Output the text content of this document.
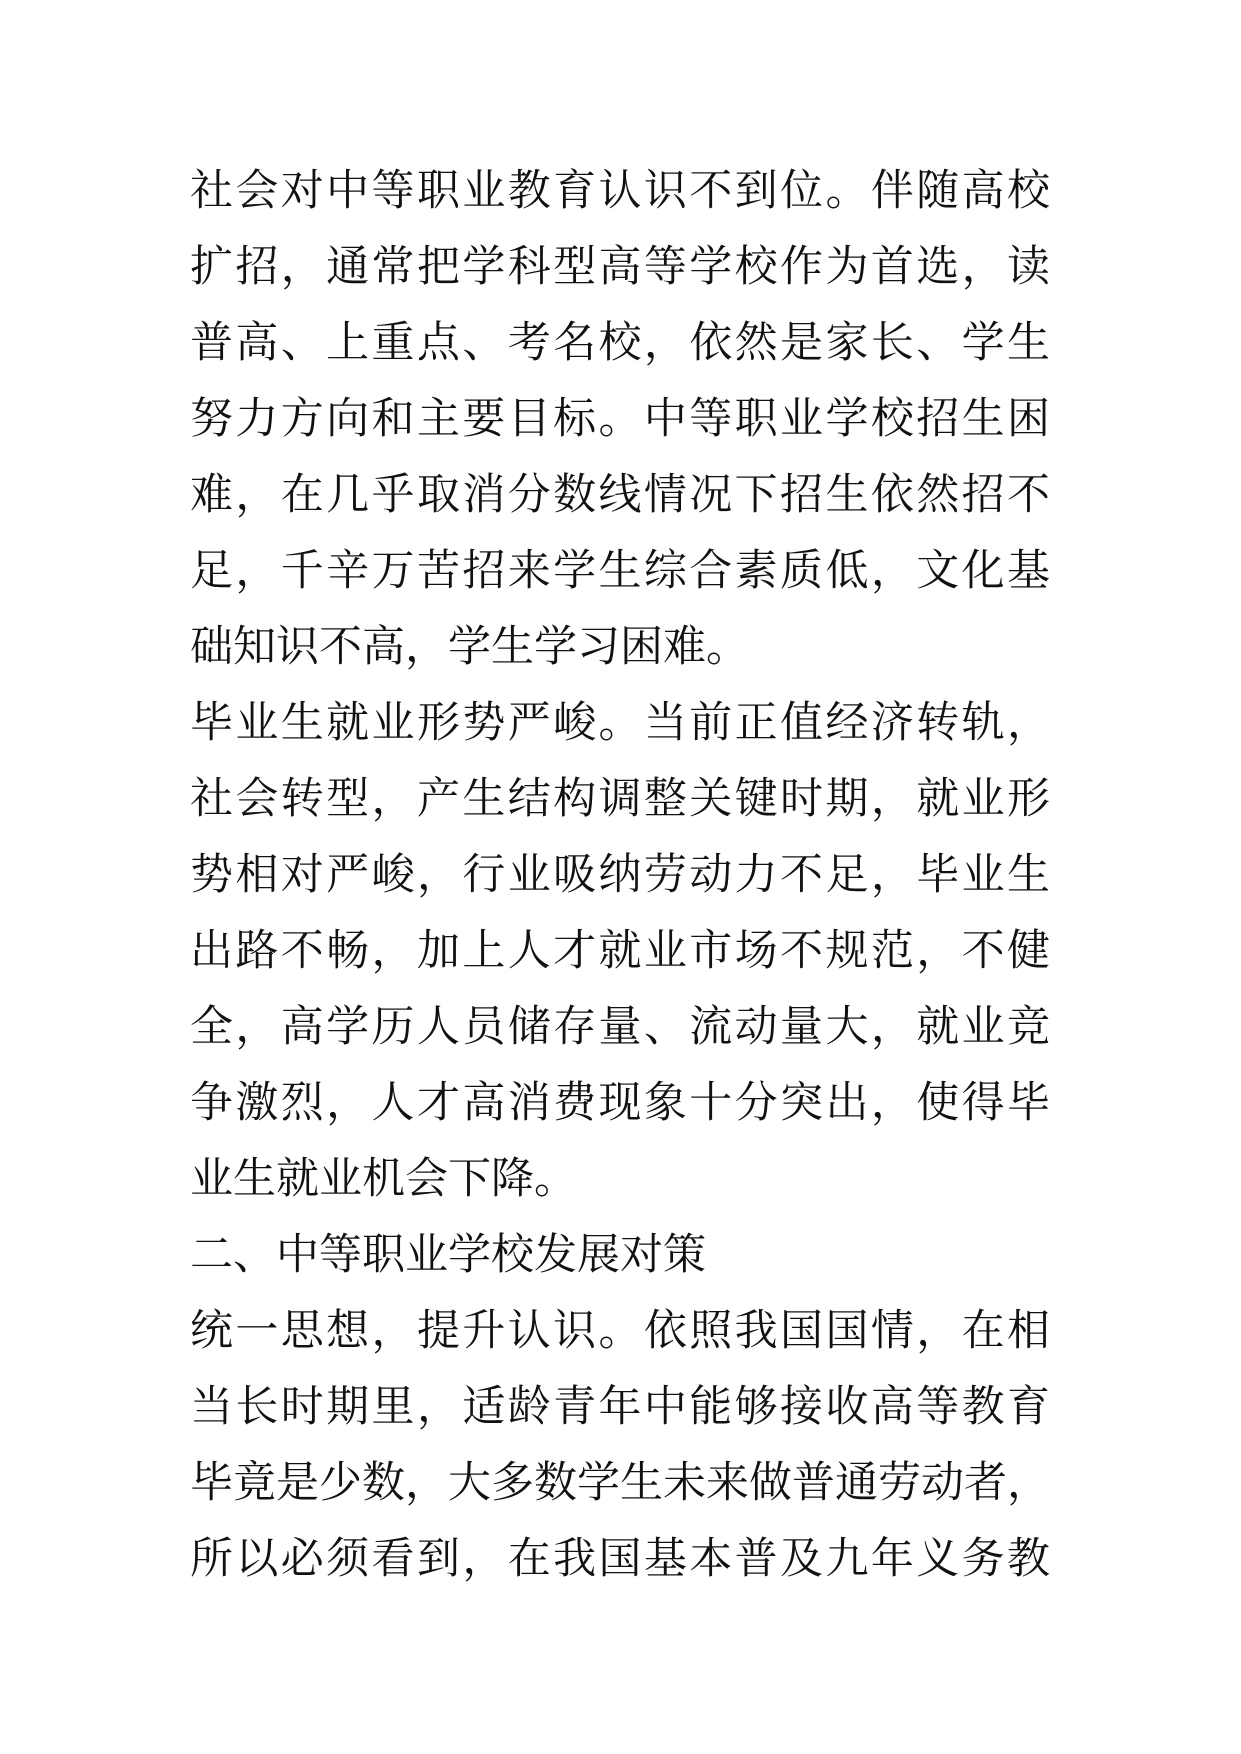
社会对中等职业教育认识不到位。伴随高校
扩招，通常把学科型高等学校作为首选，读
普高、上重点、考名校，依然是家长、学生
努力方向和主要目标。中等职业学校招生困
难，在几乎取消分数线情况下招生依然招不
足，千辛万苦招来学生综合素质低，文化基
础知识不高，学生学习困难。
毕业生就业形势严峻。当前正值经济转轨，
社会转型，产生结构调整关键时期，就业形
势相对严峻，行业吸纳劳动力不足，毕业生
出路不畅，加上人才就业市场不规范，不健
全，高学历人员储存量、流动量大，就业竞
争激烈，人才高消费现象十分突出，使得毕
业生就业机会下降。
二、中等职业学校发展对策
统一思想，提升认识。依照我国国情，在相
当长时期里，适龄青年中能够接收高等教育
毕竟是少数，大多数学生未来做普通劳动者，
所以必须看到，在我国基本普及九年义务教
